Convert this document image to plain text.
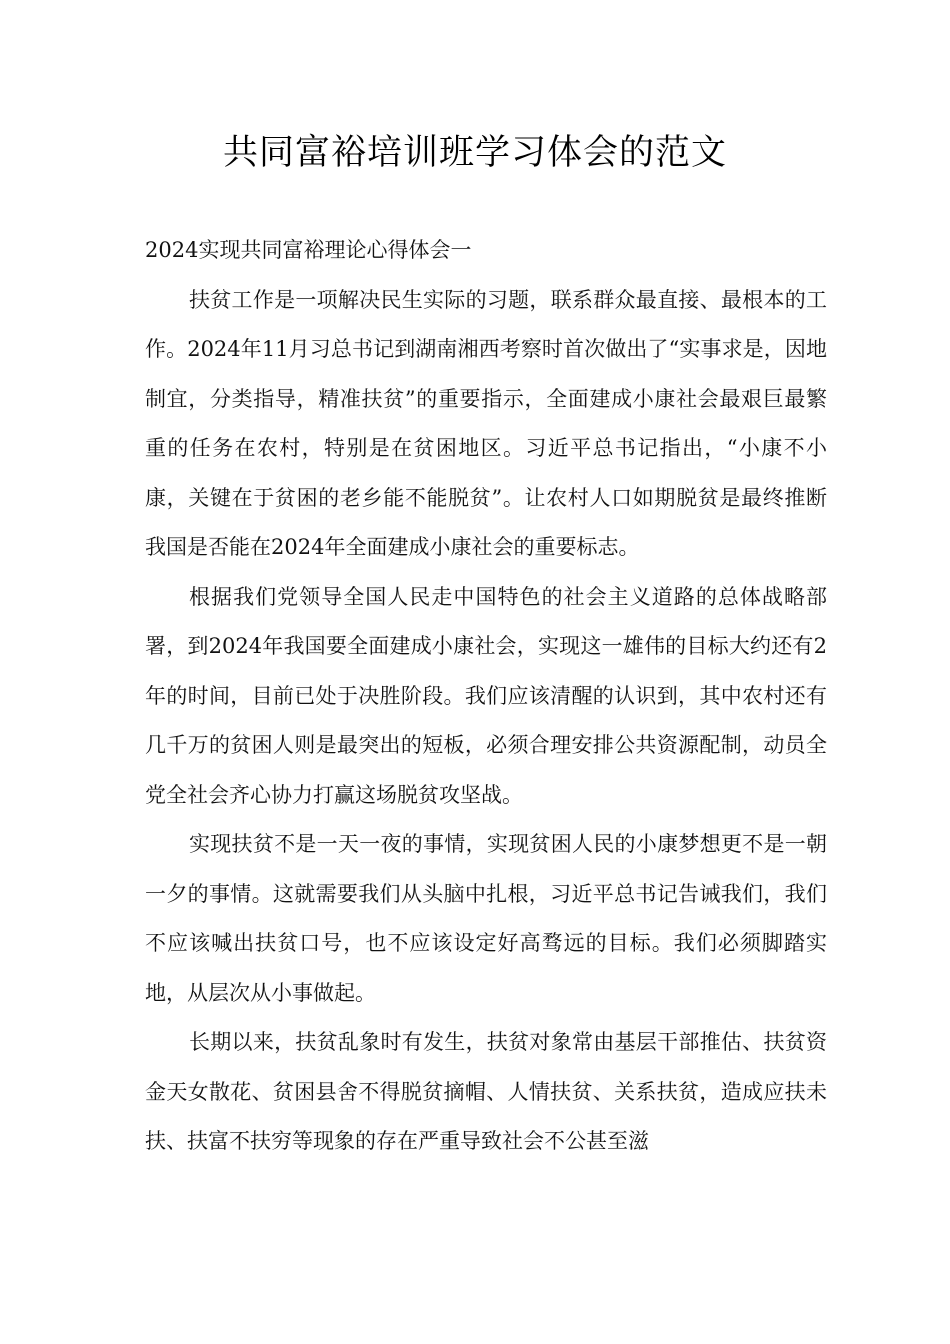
共同富裕培训班学习体会的范文

2024实现共同富裕理论心得体会一

扶贫工作是一项解决民生实际的习题，联系群众最直接、最根本的工作。2024年11月习总书记到湖南湘西考察时首次做出了“实事求是，因地制宜，分类指导，精准扶贫”的重要指示，全面建成小康社会最艰巨最繁重的任务在农村，特别是在贫困地区。习近平总书记指出，“小康不小康，关键在于贫困的老乡能不能脱贫”。让农村人口如期脱贫是最终推断我国是否能在2024年全面建成小康社会的重要标志。

根据我们党领导全国人民走中国特色的社会主义道路的总体战略部署，到2024年我国要全面建成小康社会，实现这一雄伟的目标大约还有2年的时间，目前已处于决胜阶段。我们应该清醒的认识到，其中农村还有几千万的贫困人则是最突出的短板，必须合理安排公共资源配制，动员全党全社会齐心协力打赢这场脱贫攻坚战。

实现扶贫不是一天一夜的事情，实现贫困人民的小康梦想更不是一朝一夕的事情。这就需要我们从头脑中扎根，习近平总书记告诫我们，我们不应该喊出扶贫口号，也不应该设定好高骛远的目标。我们必须脚踏实地，从层次从小事做起。

长期以来，扶贫乱象时有发生，扶贫对象常由基层干部推估、扶贫资金天女散花、贫困县舍不得脱贫摘帽、人情扶贫、关系扶贫，造成应扶未扶、扶富不扶穷等现象的存在严重导致社会不公甚至滋
